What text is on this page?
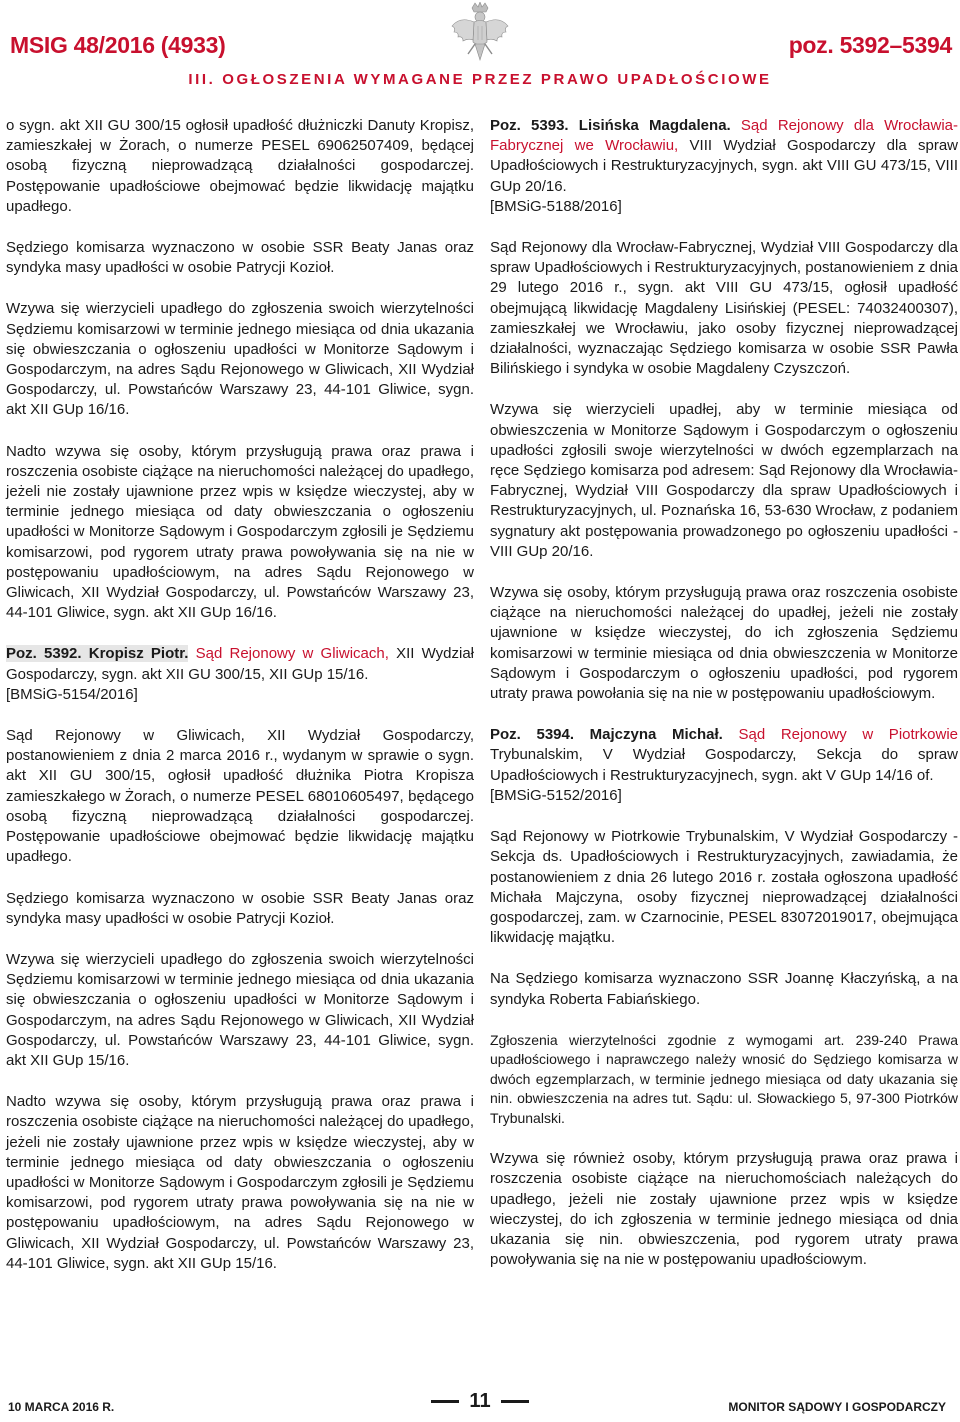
MSIG 48/2016 (4933)	poz. 5392–5394
III. OGŁOSZENIA WYMAGANE PRZEZ PRAWO UPADŁOŚCIOWE

o sygn. akt XII GU 300/15 ogłosił upadłość dłużniczki Danuty Kropisz, zamieszkałej w Żorach, o numerze PESEL 69062507409, będącej osobą fizyczną nieprowadzącą działalności gospodarczej. Postępowanie upadłościowe obejmować będzie likwidację majątku upadłego.

Sędziego komisarza wyznaczono w osobie SSR Beaty Janas oraz syndyka masy upadłości w osobie Patrycji Kozioł.

Wzywa się wierzycieli upadłego do zgłoszenia swoich wierzytelności Sędziemu komisarzowi w terminie jednego miesiąca od dnia ukazania się obwieszczania o ogłoszeniu upadłości w Monitorze Sądowym i Gospodarczym, na adres Sądu Rejonowego w Gliwicach, XII Wydział Gospodarczy, ul. Powstańców Warszawy 23, 44-101 Gliwice, sygn. akt XII GUp 16/16.

Nadto wzywa się osoby, którym przysługują prawa oraz prawa i roszczenia osobiste ciążące na nieruchomości należącej do upadłego, jeżeli nie zostały ujawnione przez wpis w księdze wieczystej, aby w terminie jednego miesiąca od daty obwieszczania o ogłoszeniu upadłości w Monitorze Sądowym i Gospodarczym zgłosili je Sędziemu komisarzowi, pod rygorem utraty prawa powoływania się na nie w postępowaniu upadłościowym, na adres Sądu Rejonowego w Gliwicach, XII Wydział Gospodarczy, ul. Powstańców Warszawy 23, 44-101 Gliwice, sygn. akt XII GUp 16/16.

Poz. 5392. Kropisz Piotr. Sąd Rejonowy w Gliwicach, XII Wydział Gospodarczy, sygn. akt XII GU 300/15, XII GUp 15/16.
[BMSiG-5154/2016]

Sąd Rejonowy w Gliwicach, XII Wydział Gospodarczy, postanowieniem z dnia 2 marca 2016 r., wydanym w sprawie o sygn. akt XII GU 300/15, ogłosił upadłość dłużnika Piotra Kropisza zamieszkałego w Żorach, o numerze PESEL 68010605497, będącego osobą fizyczną nieprowadzącą działalności gospodarczej. Postępowanie upadłościowe obejmować będzie likwidację majątku upadłego.

Sędziego komisarza wyznaczono w osobie SSR Beaty Janas oraz syndyka masy upadłości w osobie Patrycji Kozioł.

Wzywa się wierzycieli upadłego do zgłoszenia swoich wierzytelności Sędziemu komisarzowi w terminie jednego miesiąca od dnia ukazania się obwieszczania o ogłoszeniu upadłości w Monitorze Sądowym i Gospodarczym, na adres Sądu Rejonowego w Gliwicach, XII Wydział Gospodarczy, ul. Powstańców Warszawy 23, 44-101 Gliwice, sygn. akt XII GUp 15/16.

Nadto wzywa się osoby, którym przysługują prawa oraz prawa i roszczenia osobiste ciążące na nieruchomości należącej do upadłego, jeżeli nie zostały ujawnione przez wpis w księdze wieczystej, aby w terminie jednego miesiąca od daty obwieszczania o ogłoszeniu upadłości w Monitorze Sądowym i Gospodarczym zgłosili je Sędziemu komisarzowi, pod rygorem utraty prawa powoływania się na nie w postępowaniu upadłościowym, na adres Sądu Rejonowego w Gliwicach, XII Wydział Gospodarczy, ul. Powstańców Warszawy 23, 44-101 Gliwice, sygn. akt XII GUp 15/16.

Poz. 5393. Lisińska Magdalena. Sąd Rejonowy dla Wrocławia-Fabrycznej we Wrocławiu, VIII Wydział Gospodarczy dla spraw Upadłościowych i Restrukturyzacyjnych, sygn. akt VIII GU 473/15, VIII GUp 20/16.
[BMSiG-5188/2016]

Sąd Rejonowy dla Wrocław-Fabrycznej, Wydział VIII Gospodarczy dla spraw Upadłościowych i Restrukturyzacyjnych, postanowieniem z dnia 29 lutego 2016 r., sygn. akt VIII GU 473/15, ogłosił upadłość obejmującą likwidację Magdaleny Lisińskiej (PESEL: 74032400307), zamieszkałej we Wrocławiu, jako osoby fizycznej nieprowadzącej działalności, wyznaczając Sędziego komisarza w osobie SSR Pawła Bilińskiego i syndyka w osobie Magdaleny Czyszczoń.

Wzywa się wierzycieli upadłej, aby w terminie miesiąca od obwieszczenia w Monitorze Sądowym i Gospodarczym o ogłoszeniu upadłości zgłosili swoje wierzytelności w dwóch egzemplarzach na ręce Sędziego komisarza pod adresem: Sąd Rejonowy dla Wrocławia-Fabrycznej, Wydział VIII Gospodarczy dla spraw Upadłościowych i Restrukturyzacyjnych, ul. Poznańska 16, 53-630 Wrocław, z podaniem sygnatury akt postępowania prowadzonego po ogłoszeniu upadłości - VIII GUp 20/16.

Wzywa się osoby, którym przysługują prawa oraz roszczenia osobiste ciążące na nieruchomości należącej do upadłej, jeżeli nie zostały ujawnione w księdze wieczystej, do ich zgłoszenia Sędziemu komisarzowi w terminie miesiąca od dnia obwieszczenia w Monitorze Sądowym i Gospodarczym o ogłoszeniu upadłości, pod rygorem utraty prawa powołania się na nie w postępowaniu upadłościowym.

Poz. 5394. Majczyna Michał. Sąd Rejonowy w Piotrkowie Trybunalskim, V Wydział Gospodarczy, Sekcja do spraw Upadłościowych i Restrukturyzacyjnech, sygn. akt V GUp 14/16 of.
[BMSiG-5152/2016]

Sąd Rejonowy w Piotrkowie Trybunalskim, V Wydział Gospodarczy - Sekcja ds. Upadłościowych i Restrukturyzacyjnych, zawiadamia, że postanowieniem z dnia 26 lutego 2016 r. została ogłoszona upadłość Michała Majczyna, osoby fizycznej nieprowadzącej działalności gospodarczej, zam. w Czarnocinie, PESEL 83072019017, obejmująca likwidację majątku.

Na Sędziego komisarza wyznaczono SSR Joannę Kłaczyńską, a na syndyka Roberta Fabiańskiego.

Zgłoszenia wierzytelności zgodnie z wymogami art. 239-240 Prawa upadłościowego i naprawczego należy wnosić do Sędziego komisarza w dwóch egzemplarzach, w terminie jednego miesiąca od daty ukazania się nin. obwieszczenia na adres tut. Sądu: ul. Słowackiego 5, 97-300 Piotrków Trybunalski.

Wzywa się również osoby, którym przysługują prawa oraz prawa i roszczenia osobiste ciążące na nieruchomościach należących do upadłego, jeżeli nie zostały ujawnione przez wpis w księdze wieczystej, do ich zgłoszenia w terminie jednego miesiąca od dnia ukazania się nin. obwieszczenia, pod rygorem utraty prawa powoływania się na nie w postępowaniu upadłościowym.

10 MARCA 2016 R.	11	MONITOR SĄDOWY I GOSPODARCZY
